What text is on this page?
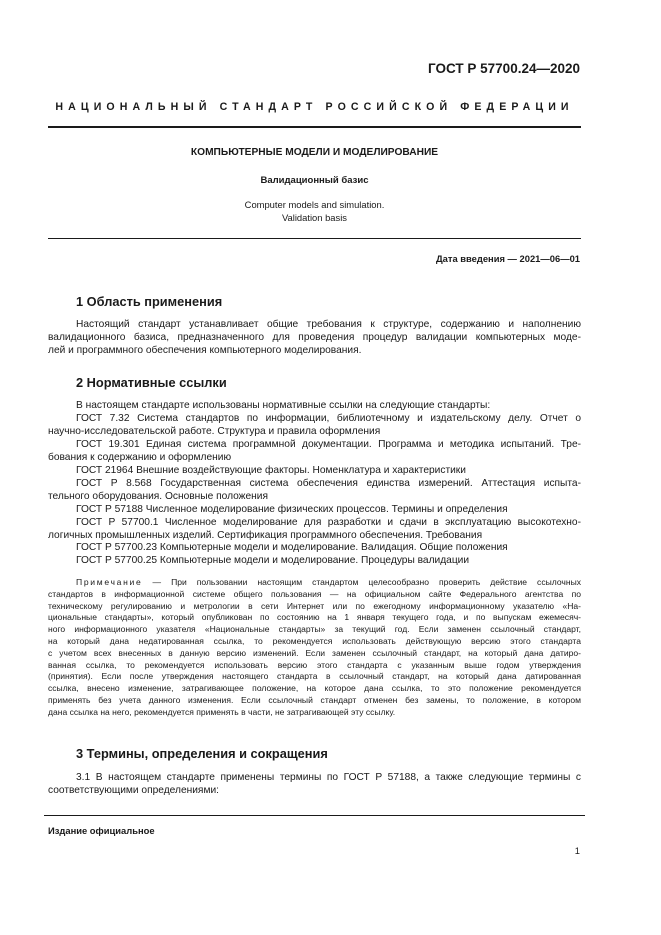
ГОСТ Р 57700.24—2020
НАЦИОНАЛЬНЫЙ СТАНДАРТ РОССИЙСКОЙ ФЕДЕРАЦИИ
КОМПЬЮТЕРНЫЕ МОДЕЛИ И МОДЕЛИРОВАНИЕ
Валидационный базис
Computer models and simulation.
Validation basis
Дата введения — 2021—06—01
1 Область применения
Настоящий стандарт устанавливает общие требования к структуре, содержанию и наполнению
валидационного базиса, предназначенного для проведения процедур валидации компьютерных моде-
лей и программного обеспечения компьютерного моделирования.
2 Нормативные ссылки
В настоящем стандарте использованы нормативные ссылки на следующие стандарты:
ГОСТ 7.32 Система стандартов по информации, библиотечному и издательскому делу. Отчет о
научно-исследовательской работе. Структура и правила оформления
ГОСТ 19.301 Единая система программной документации. Программа и методика испытаний. Тре-
бования к содержанию и оформлению
ГОСТ 21964 Внешние воздействующие факторы. Номенклатура и характеристики
ГОСТ Р 8.568 Государственная система обеспечения единства измерений. Аттестация испыта-
тельного оборудования. Основные положения
ГОСТ Р 57188 Численное моделирование физических процессов. Термины и определения
ГОСТ Р 57700.1 Численное моделирование для разработки и сдачи в эксплуатацию высокотехно-
логичных промышленных изделий. Сертификация программного обеспечения. Требования
ГОСТ Р 57700.23 Компьютерные модели и моделирование. Валидация. Общие положения
ГОСТ Р 57700.25 Компьютерные модели и моделирование. Процедуры валидации
Примечание — При пользовании настоящим стандартом целесообразно проверить действие ссылочных
стандартов в информационной системе общего пользования — на официальном сайте Федерального агентства по
техническому регулированию и метрологии в сети Интернет или по ежегодному информационному указателю «На-
циональные стандарты», который опубликован по состоянию на 1 января текущего года, и по выпускам ежемесяч-
ного информационного указателя «Национальные стандарты» за текущий год. Если заменен ссылочный стандарт,
на который дана недатированная ссылка, то рекомендуется использовать действующую версию этого стандарта
с учетом всех внесенных в данную версию изменений. Если заменен ссылочный стандарт, на который дана датиро-
ванная ссылка, то рекомендуется использовать версию этого стандарта с указанным выше годом утверждения
(принятия). Если после утверждения настоящего стандарта в ссылочный стандарт, на который дана датированная
ссылка, внесено изменение, затрагивающее положение, на которое дана ссылка, то это положение рекомендуется
применять без учета данного изменения. Если ссылочный стандарт отменен без замены, то положение, в котором
дана ссылка на него, рекомендуется применять в части, не затрагивающей эту ссылку.
3 Термины, определения и сокращения
3.1 В настоящем стандарте применены термины по ГОСТ Р 57188, а также следующие термины с
соответствующими определениями:
Издание официальное
1
